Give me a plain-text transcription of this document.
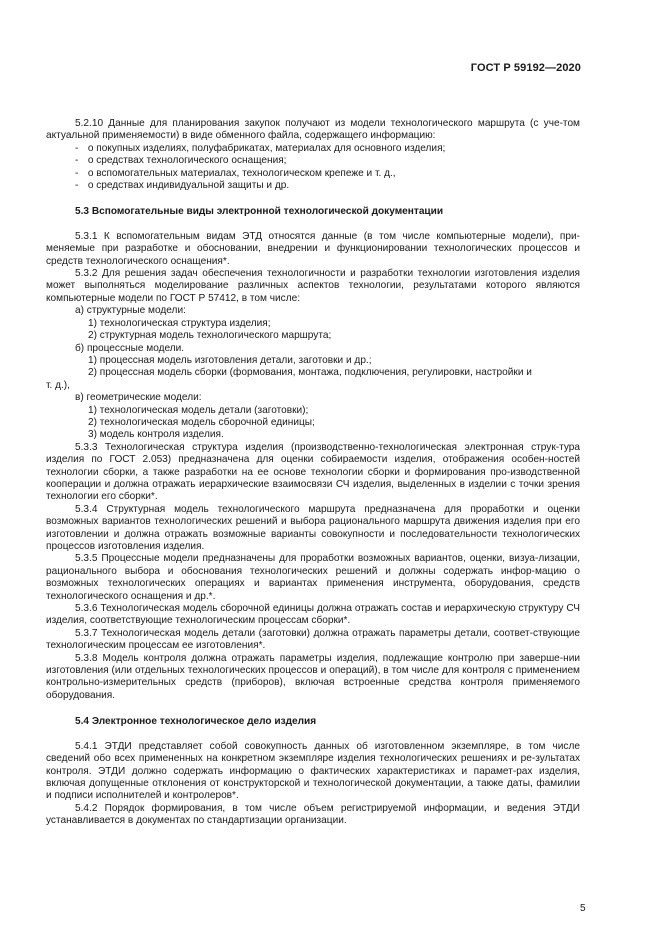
ГОСТ Р 59192—2020

5.2.10 Данные для планирования закупок получают из модели технологического маршрута (с уче-том актуальной применяемости) в виде обменного файла, содержащего информацию:

- о покупных изделиях, полуфабрикатах, материалах для основного изделия;

- о средствах технологического оснащения;

- о вспомогательных материалах, технологическом крепеже и т. д.,

- о средствах индивидуальной защиты и др.

5.3 Вспомогательные виды электронной технологической документации

5.3.1 К вспомогательным видам ЭТД относятся данные (в том числе компьютерные модели), при-меняемые при разработке и обосновании, внедрении и функционировании технологических процессов и средств технологического оснащения*.

5.3.2 Для решения задач обеспечения технологичности и разработки технологии изготовления изделия может выполняться моделирование различных аспектов технологии, результатами которого являются компьютерные модели по ГОСТ Р 57412, в том числе:

а) структурные модели:

1) технологическая структура изделия;

2) структурная модель технологического маршрута;

б) процессные модели.

1) процессная модель изготовления детали, заготовки и др.;

2) процессная модель сборки (формования, монтажа, подключения, регулировки, настройки и

т. д.),

в) геометрические модели:

1) технологическая модель детали (заготовки);

2) технологическая модель сборочной единицы;

3) модель контроля изделия.

5.3.3 Технологическая структура изделия (производственно-технологическая электронная струк-тура изделия по ГОСТ 2.053) предназначена для оценки собираемости изделия, отображения особен-ностей технологии сборки, а также разработки на ее основе технологии сборки и формирования про-изводственной кооперации и должна отражать иерархические взаимосвязи СЧ изделия, выделенных в изделии с точки зрения технологии его сборки*.

5.3.4 Структурная модель технологического маршрута предназначена для проработки и оценки возможных вариантов технологических решений и выбора рационального маршрута движения изделия при его изготовлении и должна отражать возможные варианты совокупности и последовательности технологических процессов изготовления изделия.

5.3.5 Процессные модели предназначены для проработки возможных вариантов, оценки, визуа-лизации, рационального выбора и обоснования технологических решений и должны содержать инфор-мацию о возможных технологических операциях и вариантах применения инструмента, оборудования, средств технологического оснащения и др.*.

5.3.6 Технологическая модель сборочной единицы должна отражать состав и иерархическую структуру СЧ изделия, соответствующие технологическим процессам сборки*.

5.3.7 Технологическая модель детали (заготовки) должна отражать параметры детали, соответ-ствующие технологическим процессам ее изготовления*.

5.3.8 Модель контроля должна отражать параметры изделия, подлежащие контролю при заверше-нии изготовления (или отдельных технологических процессов и операций), в том числе для контроля с применением контрольно-измерительных средств (приборов), включая встроенные средства контроля применяемого оборудования.

5.4 Электронное технологическое дело изделия

5.4.1 ЭТДИ представляет собой совокупность данных об изготовленном экземпляре, в том числе сведений обо всех примененных на конкретном экземпляре изделия технологических решениях и ре-зультатах контроля. ЭТДИ должно содержать информацию о фактических характеристиках и парамет-рах изделия, включая допущенные отклонения от конструкторской и технологической документации, а также даты, фамилии и подписи исполнителей и контролеров*.

5.4.2 Порядок формирования, в том числе объем регистрируемой информации, и ведения ЭТДИ устанавливается в документах по стандартизации организации.

5
